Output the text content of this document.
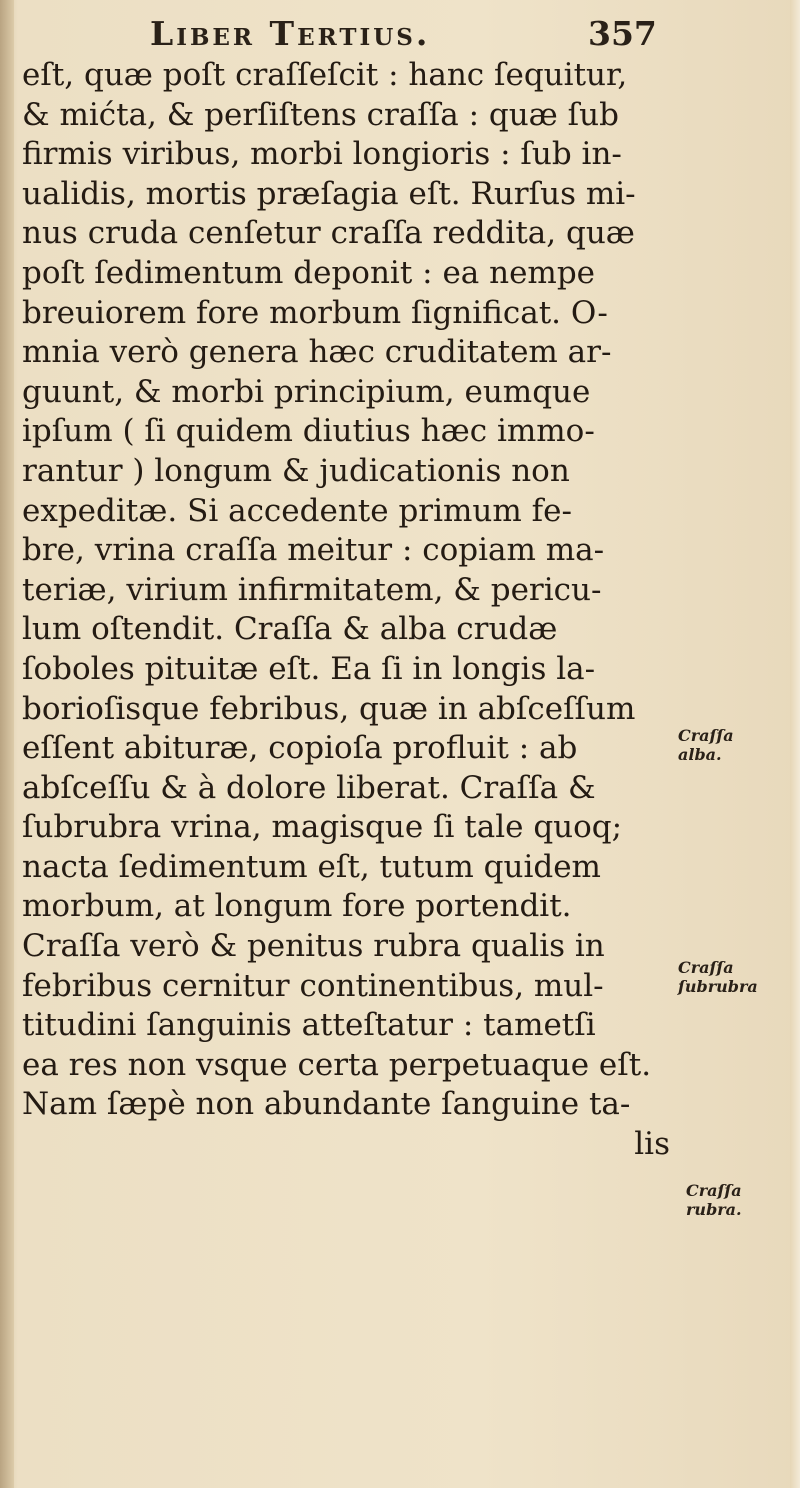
Liber Tertius.	357
eſt, quæ poſt craſſeſcit : hanc ſequitur,
& mićta, & perſiſtens craſſa : quæ ſub
firmis viribus, morbi longioris : ſub in-
ualidis, mortis præſagia eſt. Rurſus mi-
nus cruda cenſetur craſſa reddita, quæ
poſt ſedimentum deponit : ea nempe
breuiorem fore morbum ſignificat. O-
mnia verò genera hæc cruditatem ar-
guunt, & morbi principium, eumque
ipſum ( ſi quidem diutius hæc immo-
rantur ) longum & judicationis non
expeditæ. Si accedente primum fe-
bre, vrina craſſa meitur : copiam ma-
teriæ, virium infirmitatem, & pericu-
lum oſtendit. Craſſa & alba crudæ
ſoboles pituitæ eſt. Ea ſi in longis la-
borioſisque febribus, quæ in abſceſſum
eſſent abituræ, copioſa profluit : ab
abſceſſu & à dolore liberat. Craſſa &
ſubrubra vrina, magisque ſi tale quoq;
nacta ſedimentum eſt, tutum quidem
morbum, at longum fore portendit.
Craſſa verò & penitus rubra qualis in
febribus cernitur continentibus, mul-
titudini ſanguinis atteſtatur : tametſi
ea res non vsque certa perpetuaque eſt.
Nam ſæpè non abundante ſanguine ta-
lis
Craſſa
alba.
Craſſa
ſubrubra
Craſſa
rubra.
